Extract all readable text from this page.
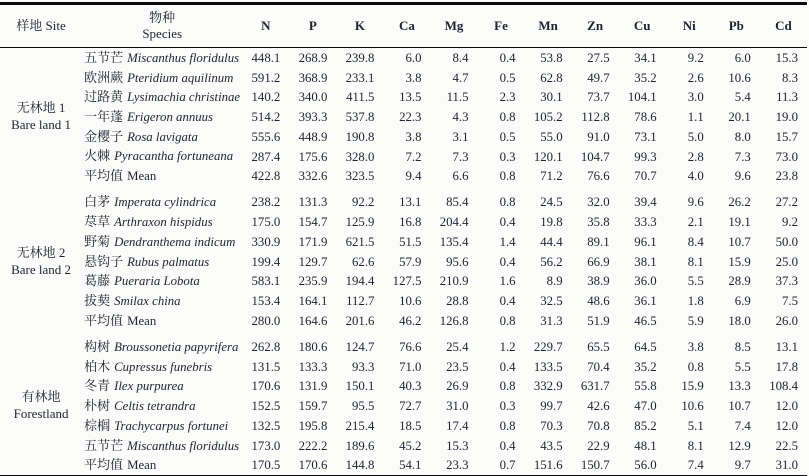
样地 Site	物种
Species	N	P	K	Ca	Mg	Fe	Mn	Zn	Cu	Ni	Pb	Cd

无林地 1
Bare land 1	五节芒 Miscanthus floridulus	448.1	268.9	239.8	6.0	8.4	0.4	53.8	27.5	34.1	9.2	6.0	15.3
	欧洲蕨 Pteridium aquilinum	591.2	368.9	233.1	3.8	4.7	0.5	62.8	49.7	35.2	2.6	10.6	8.3
	过路黄 Lysimachia christinae	140.2	340.0	411.5	13.5	11.5	2.3	30.1	73.7	104.1	3.0	5.4	11.3
	一年蓬 Erigeron annuus	514.2	393.3	537.8	22.3	4.3	0.8	105.2	112.8	78.6	1.1	20.1	19.0
	金樱子 Rosa lavigata	555.6	448.9	190.8	3.8	3.1	0.5	55.0	91.0	73.1	5.0	8.0	15.7
	火棘 Pyracantha fortuneana	287.4	175.6	328.0	7.2	7.3	0.3	120.1	104.7	99.3	2.8	7.3	73.0
	平均值 Mean	422.8	332.6	323.5	9.4	6.6	0.8	71.2	76.6	70.7	4.0	9.6	23.8

无林地 2
Bare land 2	白茅 Imperata cylindrica	238.2	131.3	92.2	13.1	85.4	0.8	24.5	32.0	39.4	9.6	26.2	27.2
	荩草 Arthraxon hispidus	175.0	154.7	125.9	16.8	204.4	0.4	19.8	35.8	33.3	2.1	19.1	9.2
	野菊 Dendranthema indicum	330.9	171.9	621.5	51.5	135.4	1.4	44.4	89.1	96.1	8.4	10.7	50.0
	悬钩子 Rubus palmatus	199.4	129.7	62.6	57.9	95.6	0.4	56.2	66.9	38.1	8.1	15.9	25.0
	葛藤 Pueraria Lobota	583.1	235.9	194.4	127.5	210.9	1.6	8.9	38.9	36.0	5.5	28.9	37.3
	拔葜 Smilax china	153.4	164.1	112.7	10.6	28.8	0.4	32.5	48.6	36.1	1.8	6.9	7.5
	平均值 Mean	280.0	164.6	201.6	46.2	126.8	0.8	31.3	51.9	46.5	5.9	18.0	26.0

有林地
Forestland	构树 Broussonetia papyrifera	262.8	180.6	124.7	76.6	25.4	1.2	229.7	65.5	64.5	3.8	8.5	13.1
	柏木 Cupressus funebris	131.5	133.3	93.3	71.0	23.5	0.4	133.5	70.4	35.2	0.8	5.5	17.8
	冬青 Ilex purpurea	170.6	131.9	150.1	40.3	26.9	0.8	332.9	631.7	55.8	15.9	13.3	108.4
	朴树 Celtis tetrandra	152.5	159.7	95.5	72.7	31.0	0.3	99.7	42.6	47.0	10.6	10.7	12.0
	棕榈 Trachycarpus fortunei	132.5	195.8	215.4	18.5	17.4	0.8	70.3	70.8	85.2	5.1	7.4	12.0
	五节芒 Miscanthus floridulus	173.0	222.2	189.6	45.2	15.3	0.4	43.5	22.9	48.1	8.1	12.9	22.5
	平均值 Mean	170.5	170.6	144.8	54.1	23.3	0.7	151.6	150.7	56.0	7.4	9.7	31.0
